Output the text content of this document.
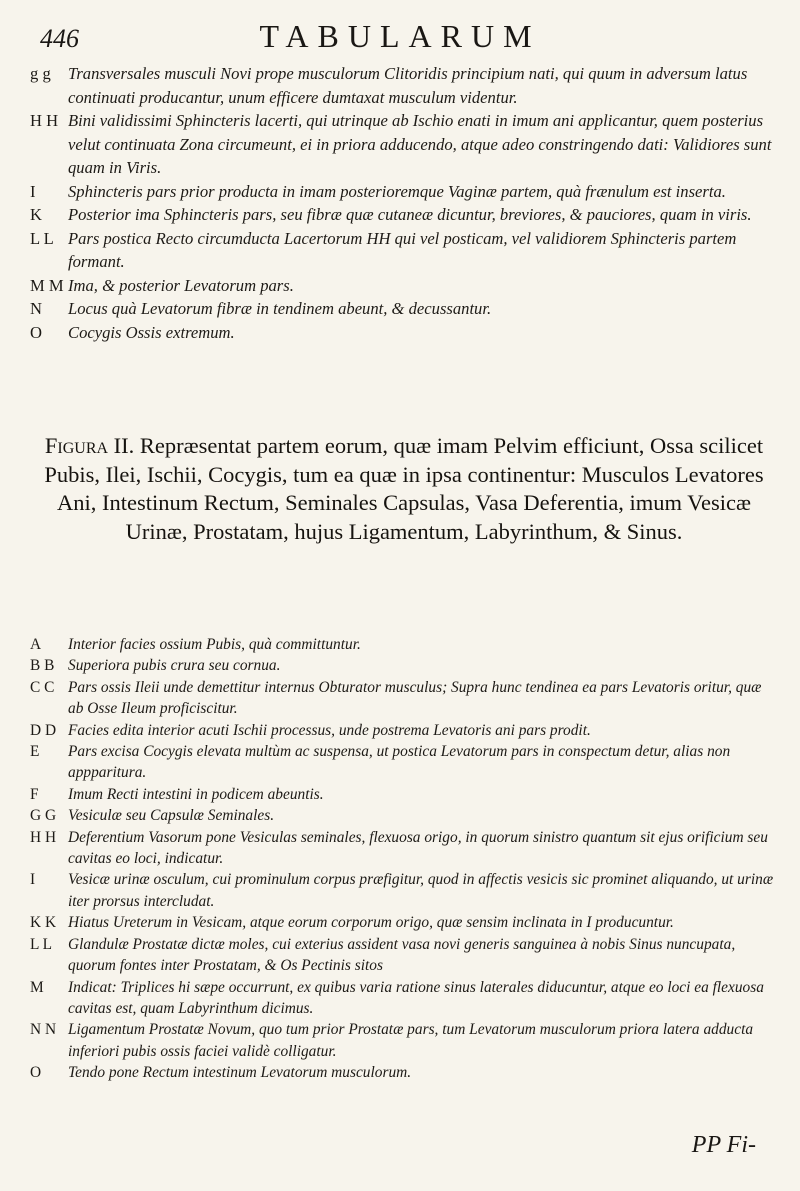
446	TABULARUM
g g	Transversales musculi Novi prope musculorum Clitoridis principium nati, qui quum in adversum latus continuati producantur, unum efficere dumtaxat musculum videntur.
H H Bini validissimi Sphincteris lacerti, qui utrinque ab Ischio enati in imum ani applicantur, quem posterius velut continuata Zona circumeunt, ei in priora adducendo, atque adeo constringendo dati: Validiores sunt quam in Viris.
I	Sphincteris pars prior producta in imam posterioremque Vaginæ partem, quà frænulum est inserta.
K	Posterior ima Sphincteris pars, seu fibræ quæ cutaneæ dicuntur, breviores, & pauciores, quam in viris.
L L Pars postica Recto circumducta Lacertorum HH qui vel posticam, vel validiorem Sphincteris partem formant.
M M Ima, & posterior Levatorum pars.
N	Locus quà Levatorum fibræ in tendinem abeunt, & decussantur.
O	Cocygis Ossis extremum.
Figura II. Repræsentat partem eorum, quæ imam Pelvim efficiunt, Ossa scilicet Pubis, Ilei, Ischii, Cocygis, tum ea quæ in ipsa continentur: Musculos Levatores Ani, Intestinum Rectum, Seminales Capsulas, Vasa Deferentia, imum Vesicæ Urinæ, Prostatam, hujus Ligamentum, Labyrinthum, & Sinus.
A	Interior facies ossium Pubis, quà committuntur.
B B Superiora pubis crura seu cornua.
C C Pars ossis Ileii unde demettitur internus Obturator musculus; Supra hunc tendinea ea pars Levatoris oritur, quæ ab Osse Ileum proficiscitur.
D D Facies edita interior acuti Ischii processus, unde postrema Levatoris ani pars prodit.
E	Pars excisa Cocygis elevata multùm ac suspensa, ut postica Levatorum pars in conspectum detur, alias non appparitura.
F	Imum Recti intestini in podicem abeuntis.
G G Vesiculæ seu Capsulæ Seminales.
H H Deferentium Vasorum pone Vesiculas seminales, flexuosa origo, in quorum sinistro quantum sit ejus orificium seu cavitas eo loci, indicatur.
I	Vesicæ urinæ osculum, cui prominulum corpus præfigitur, quod in affectis vesicis sic prominet aliquando, ut urinæ iter prorsus intercludat.
K K Hiatus Ureterum in Vesicam, atque eorum corporum origo, quæ sensim inclinata in I producuntur.
L L	Glandulæ Prostatæ dictæ moles, cui exterius assident vasa novi generis sanguinea à nobis Sinus nuncupata, quorum fontes inter Prostatam, & Os Pectinis sitos
M	Indicat: Triplices hi sæpe occurrunt, ex quibus varia ratione sinus laterales diducuntur, atque eo loci ea flexuosa cavitas est, quam Labyrinthum dicimus.
N N Ligamentum Prostatæ Novum, quo tum prior Prostatæ pars, tum Levatorum musculorum priora latera adducta inferiori pubis ossis faciei validè colligatur.
O	Tendo pone Rectum intestinum Levatorum musculorum.
PP Fi-
